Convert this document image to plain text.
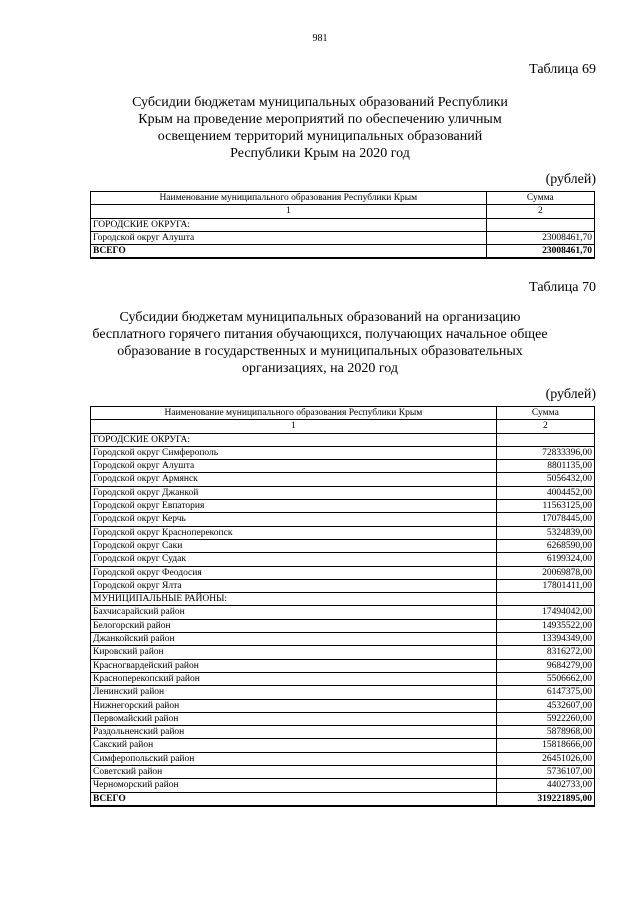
981
Таблица 69
Субсидии бюджетам муниципальных образований Республики
Крым на проведение мероприятий по обеспечению уличным
освещением территорий муниципальных образований
Республики Крым на 2020 год
(рублей)
Наименование муниципального образования Республики Крым	Сумма
1	2
ГОРОДСКИЕ ОКРУГА:	
Городской округ Алушта	23008461,70
ВСЕГО	23008461,70
Таблица 70
Субсидии бюджетам муниципальных образований на организацию
бесплатного горячего питания обучающихся, получающих начальное общее
образование в государственных и муниципальных образовательных
организациях, на 2020 год
(рублей)
Наименование муниципального образования Республики Крым	Сумма
1	2
ГОРОДСКИЕ ОКРУГА:	
Городской округ Симферополь	72833396,00
Городской округ Алушта	8801135,00
Городской округ Армянск	5056432,00
Городской округ Джанкой	4004452,00
Городской округ Евпатория	11563125,00
Городской округ Керчь	17078445,00
Городской округ Красноперекопск	5324839,00
Городской округ Саки	6268590,00
Городской округ Судак	6199324,00
Городской округ Феодосия	20069878,00
Городской округ Ялта	17801411,00
МУНИЦИПАЛЬНЫЕ РАЙОНЫ:	
Бахчисарайский район	17494042,00
Белогорский район	14935522,00
Джанкойский район	13394349,00
Кировский район	8316272,00
Красногвардейский район	9684279,00
Красноперекопский район	5506662,00
Ленинский район	6147375,00
Нижнегорский район	4532607,00
Первомайский район	5922260,00
Раздольненский район	5878968,00
Сакский район	15818666,00
Симферопольский район	26451026,00
Советский район	5736107,00
Черноморский район	4402733,00
ВСЕГО	319221895,00
